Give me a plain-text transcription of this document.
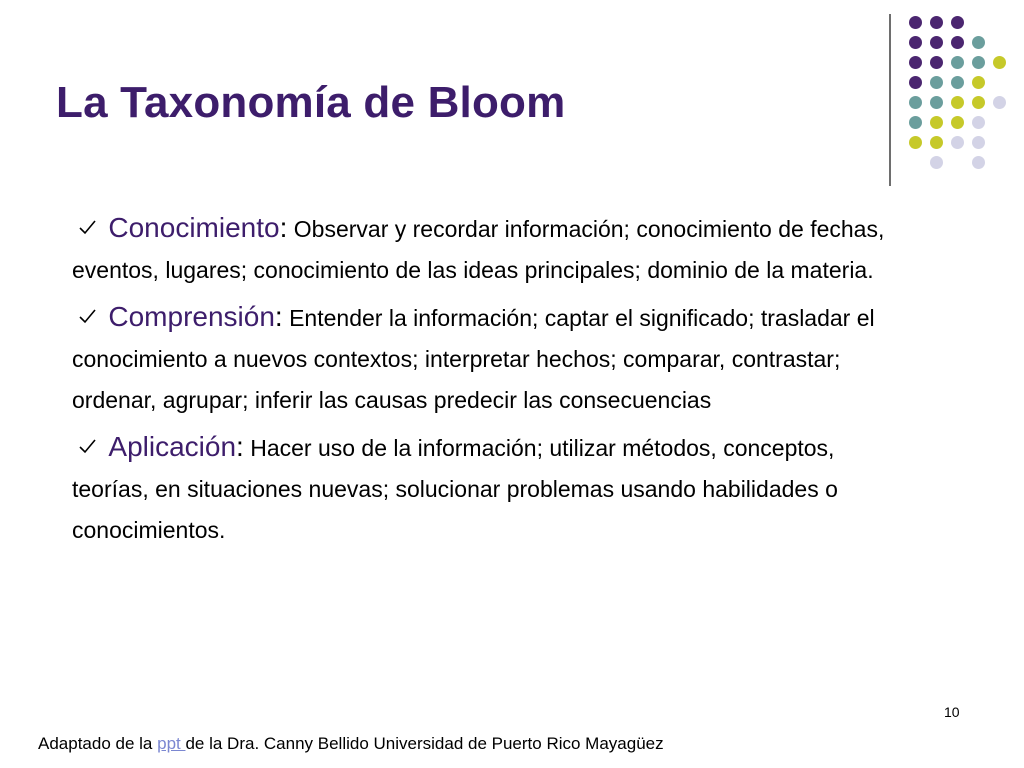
La Taxonomía de Bloom
Conocimiento: Observar y recordar información; conocimiento de fechas, eventos, lugares; conocimiento de las ideas principales; dominio de la materia.
Comprensión: Entender la información; captar el significado; trasladar el conocimiento a nuevos contextos; interpretar hechos; comparar, contrastar; ordenar, agrupar; inferir las causas predecir las consecuencias
Aplicación: Hacer uso de la información; utilizar métodos, conceptos, teorías, en situaciones nuevas; solucionar problemas usando habilidades o conocimientos.
10
Adaptado de la ppt de la Dra. Canny Bellido Universidad de Puerto Rico Mayagüez
